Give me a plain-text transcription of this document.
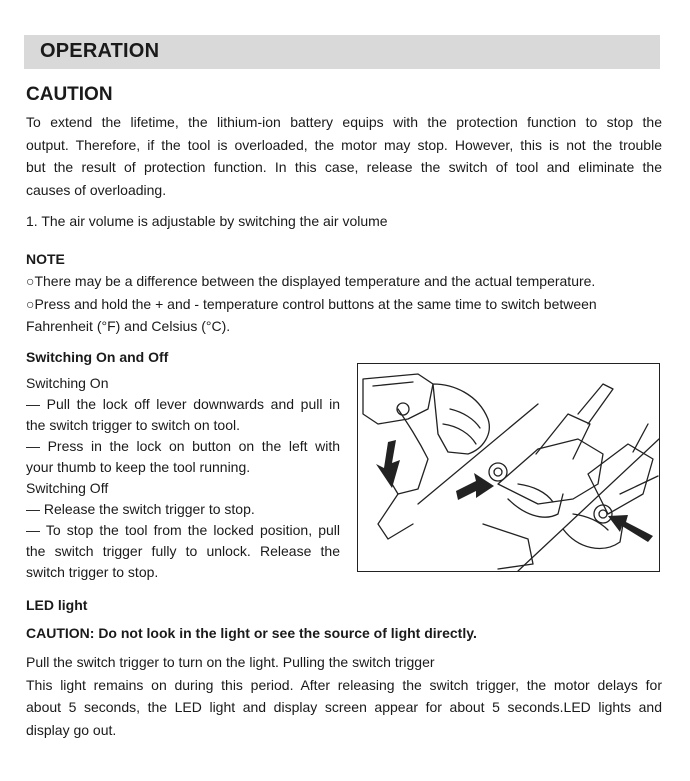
OPERATION
CAUTION
To extend the lifetime, the lithium-ion battery equips with the protection function to stop the
output. Therefore, if the tool is overloaded, the motor may stop. However, this is not the trouble
but the result of protection function. In this case, release the switch of tool and eliminate the
causes of overloading.
1. The air volume is adjustable by switching the air volume
NOTE
○There may be a difference between the displayed temperature and the actual temperature.
○Press and hold the + and - temperature control buttons at the same time to switch between
Fahrenheit (°F) and Celsius (°C).
Switching On and Off
Switching On
— Pull the lock off lever downwards and pull in
the switch trigger to switch on tool.
— Press in the lock on button on the left with
your thumb to keep the tool running.
Switching Off
— Release the switch trigger to stop.
— To stop the tool from the locked position, pull
the switch trigger fully to unlock. Release the
switch trigger to stop.
LED light
CAUTION: Do not look in the light or see the source of light directly.
Pull the switch trigger to turn on the light. Pulling the switch trigger
This light remains on during this period. After releasing the switch trigger, the motor delays for
about 5 seconds, the LED light and display screen appear for about 5 seconds.LED lights and
display go out.
